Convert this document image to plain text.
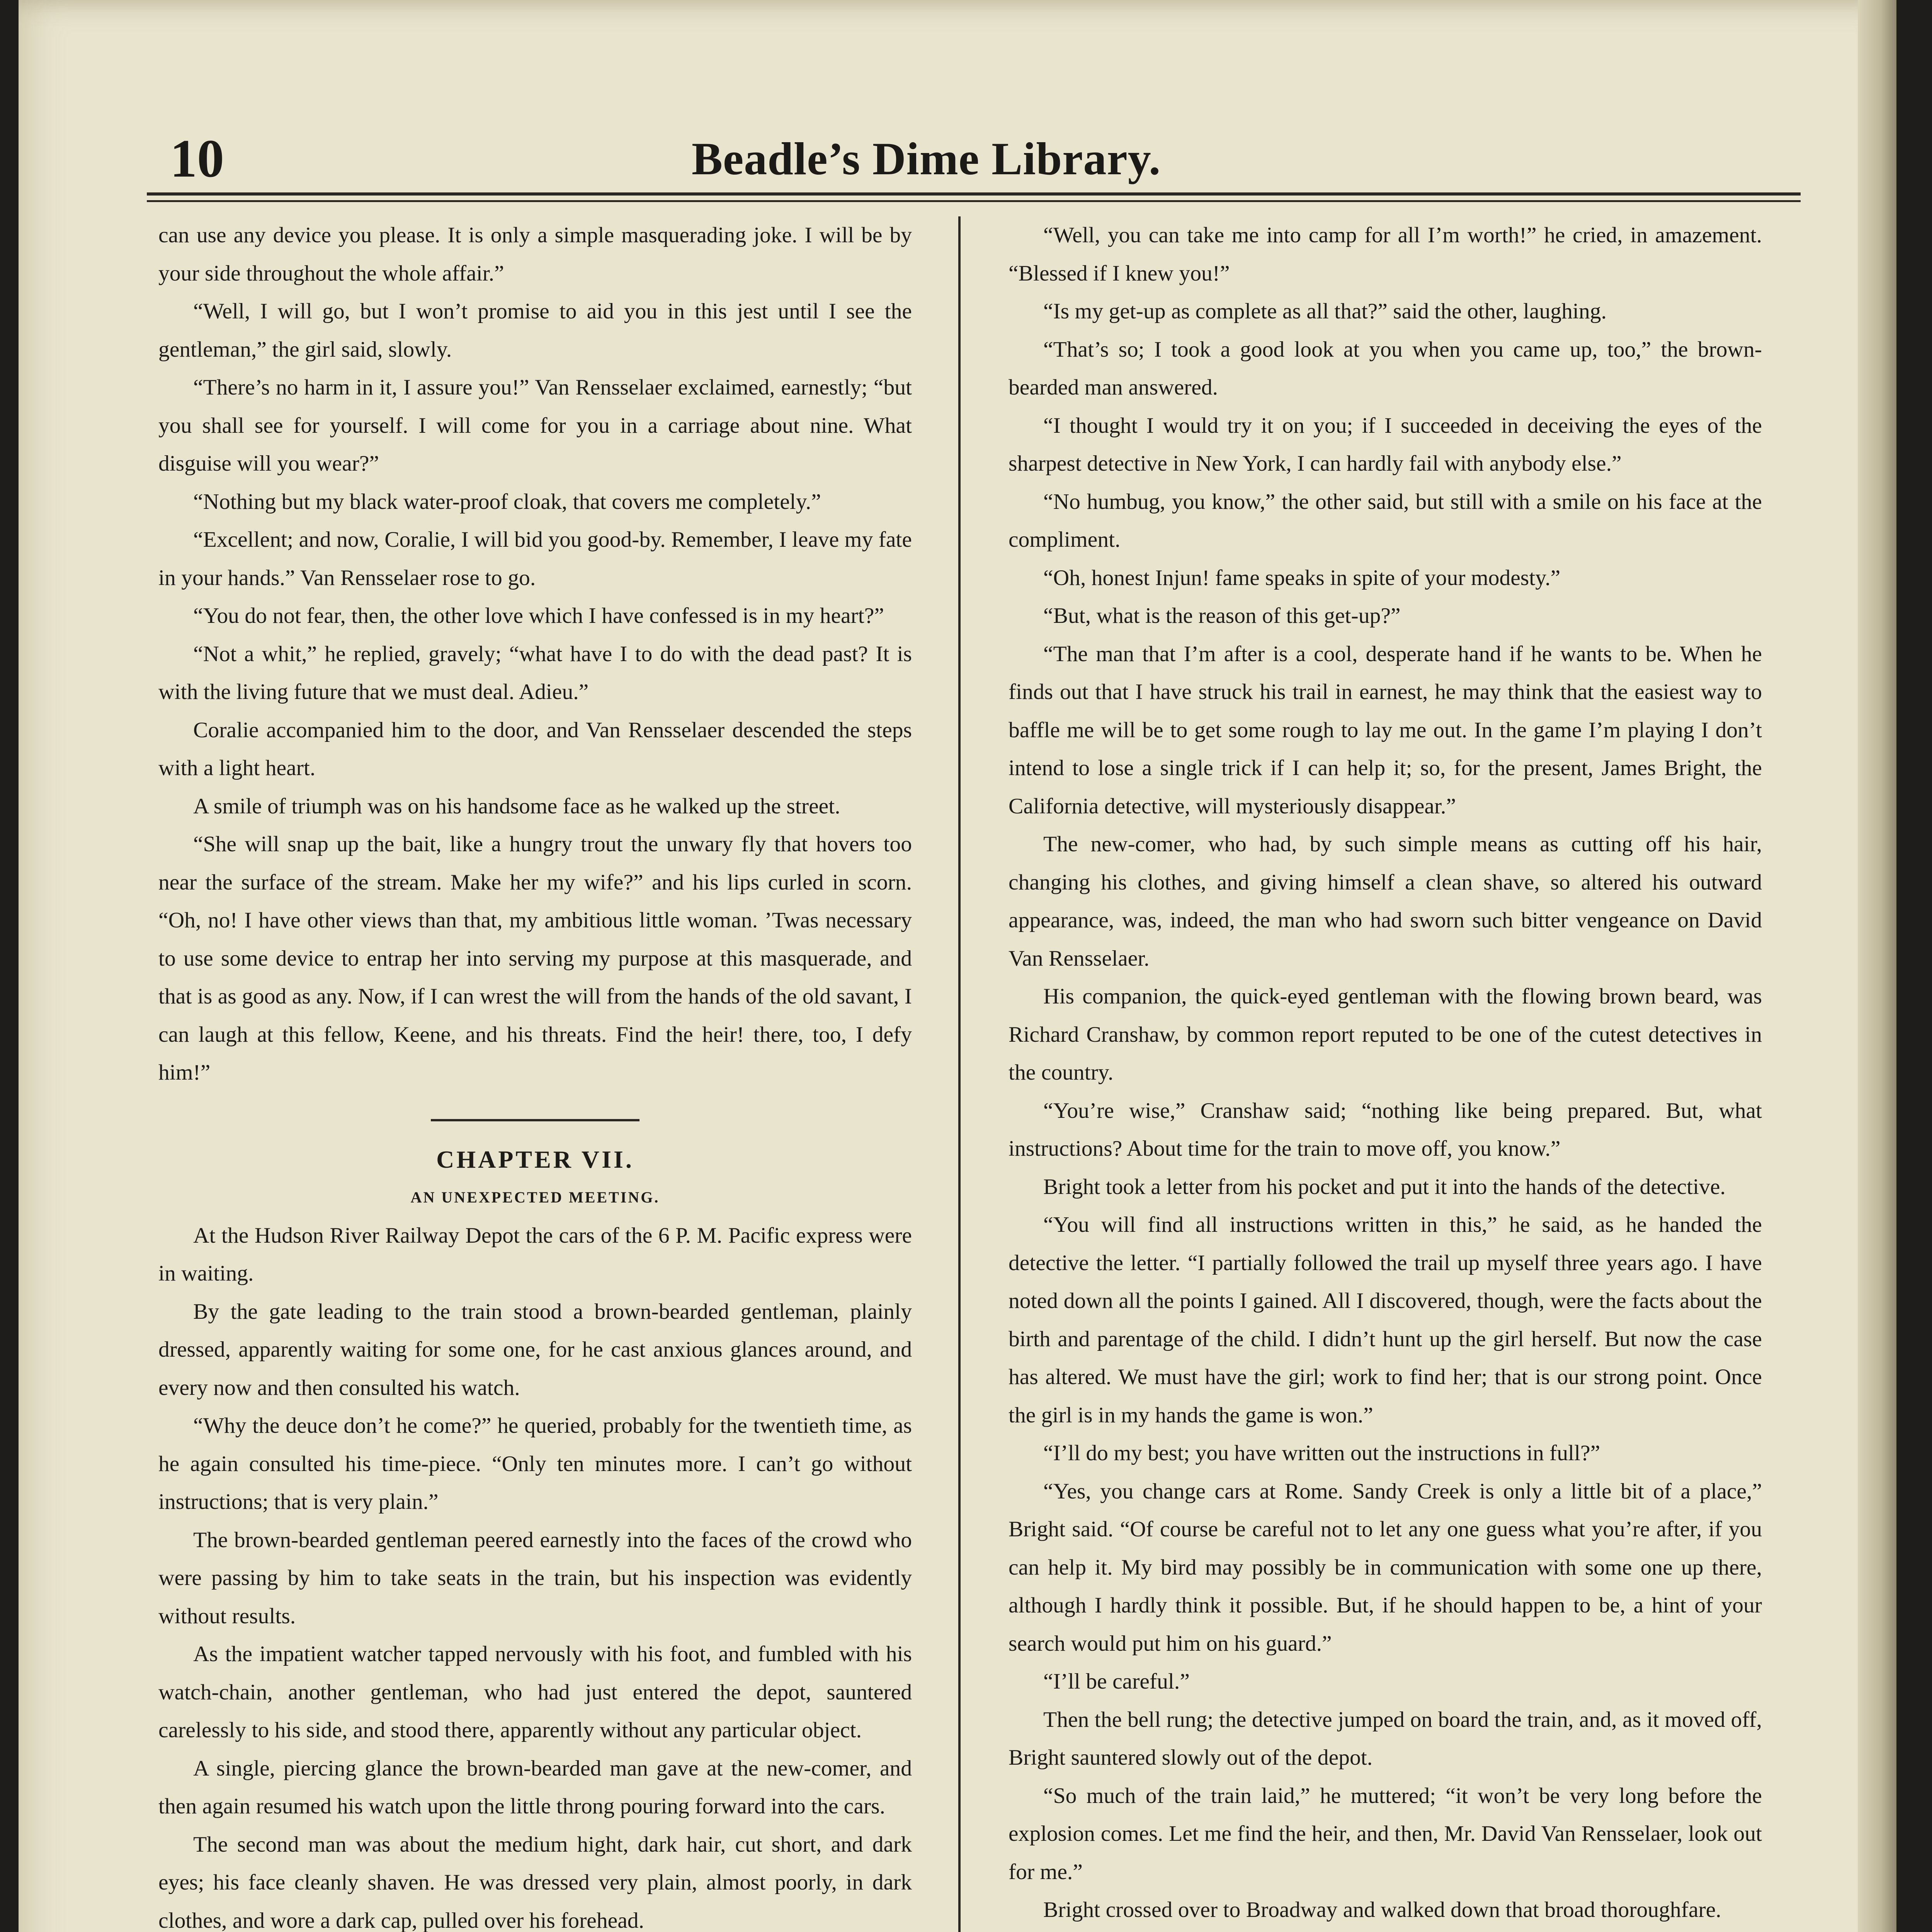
10	Beadle’s Dime Library.

can use any device you please. It is only a simple masquerading joke. I will be by your side throughout the whole affair.”

“Well, I will go, but I won’t promise to aid you in this jest until I see the gentleman,” the girl said, slowly.

“There’s no harm in it, I assure you!” Van Rensselaer exclaimed, earnestly; “but you shall see for yourself. I will come for you in a carriage about nine. What disguise will you wear?”

“Nothing but my black water-proof cloak, that covers me completely.”

“Excellent; and now, Coralie, I will bid you good-by. Remember, I leave my fate in your hands.” Van Rensselaer rose to go.

“You do not fear, then, the other love which I have confessed is in my heart?”

“Not a whit,” he replied, gravely; “what have I to do with the dead past? It is with the living future that we must deal. Adieu.”

Coralie accompanied him to the door, and Van Rensselaer descended the steps with a light heart.

A smile of triumph was on his handsome face as he walked up the street.

“She will snap up the bait, like a hungry trout the unwary fly that hovers too near the surface of the stream. Make her my wife?” and his lips curled in scorn. “Oh, no! I have other views than that, my ambitious little woman. ’Twas necessary to use some device to entrap her into serving my purpose at this masquerade, and that is as good as any. Now, if I can wrest the will from the hands of the old savant, I can laugh at this fellow, Keene, and his threats. Find the heir! there, too, I defy him!”

CHAPTER VII.

AN UNEXPECTED MEETING.

At the Hudson River Railway Depot the cars of the 6 P. M. Pacific express were in waiting.

By the gate leading to the train stood a brown-bearded gentleman, plainly dressed, apparently waiting for some one, for he cast anxious glances around, and every now and then consulted his watch.

“Why the deuce don’t he come?” he queried, probably for the twentieth time, as he again consulted his time-piece. “Only ten minutes more. I can’t go without instructions; that is very plain.”

The brown-bearded gentleman peered earnestly into the faces of the crowd who were passing by him to take seats in the train, but his inspection was evidently without results.

As the impatient watcher tapped nervously with his foot, and fumbled with his watch-chain, another gentleman, who had just entered the depot, sauntered carelessly to his side, and stood there, apparently without any particular object.

A single, piercing glance the brown-bearded man gave at the new-comer, and then again resumed his watch upon the little throng pouring forward into the cars.

The second man was about the medium hight, dark hair, cut short, and dark eyes; his face cleanly shaven. He was dressed very plain, almost poorly, in dark clothes, and wore a dark cap, pulled over his forehead.

“Well, you can take me into camp for all I’m worth!” he cried, in amazement. “Blessed if I knew you!”

“Is my get-up as complete as all that?” said the other, laughing.

“That’s so; I took a good look at you when you came up, too,” the brown-bearded man answered.

“I thought I would try it on you; if I succeeded in deceiving the eyes of the sharpest detective in New York, I can hardly fail with anybody else.”

“No humbug, you know,” the other said, but still with a smile on his face at the compliment.

“Oh, honest Injun! fame speaks in spite of your modesty.”

“But, what is the reason of this get-up?”

“The man that I’m after is a cool, desperate hand if he wants to be. When he finds out that I have struck his trail in earnest, he may think that the easiest way to baffle me will be to get some rough to lay me out. In the game I’m playing I don’t intend to lose a single trick if I can help it; so, for the present, James Bright, the California detective, will mysteriously disappear.”

The new-comer, who had, by such simple means as cutting off his hair, changing his clothes, and giving himself a clean shave, so altered his outward appearance, was, indeed, the man who had sworn such bitter vengeance on David Van Rensselaer.

His companion, the quick-eyed gentleman with the flowing brown beard, was Richard Cranshaw, by common report reputed to be one of the cutest detectives in the country.

“You’re wise,” Cranshaw said; “nothing like being prepared. But, what instructions? About time for the train to move off, you know.”

Bright took a letter from his pocket and put it into the hands of the detective.

“You will find all instructions written in this,” he said, as he handed the detective the letter. “I partially followed the trail up myself three years ago. I have noted down all the points I gained. All I discovered, though, were the facts about the birth and parentage of the child. I didn’t hunt up the girl herself. But now the case has altered. We must have the girl; work to find her; that is our strong point. Once the girl is in my hands the game is won.”

“I’ll do my best; you have written out the instructions in full?”

“Yes, you change cars at Rome. Sandy Creek is only a little bit of a place,” Bright said. “Of course be careful not to let any one guess what you’re after, if you can help it. My bird may possibly be in communication with some one up there, although I hardly think it possible. But, if he should happen to be, a hint of your search would put him on his guard.”

“I’ll be careful.”

Then the bell rung; the detective jumped on board the train, and, as it moved off, Bright sauntered slowly out of the depot.

“So much of the train laid,” he muttered; “it won’t be very long before the explosion comes. Let me find the heir, and then, Mr. David Van Rensselaer, look out for me.”

Bright crossed over to Broadway and walked down that broad thoroughfare.
